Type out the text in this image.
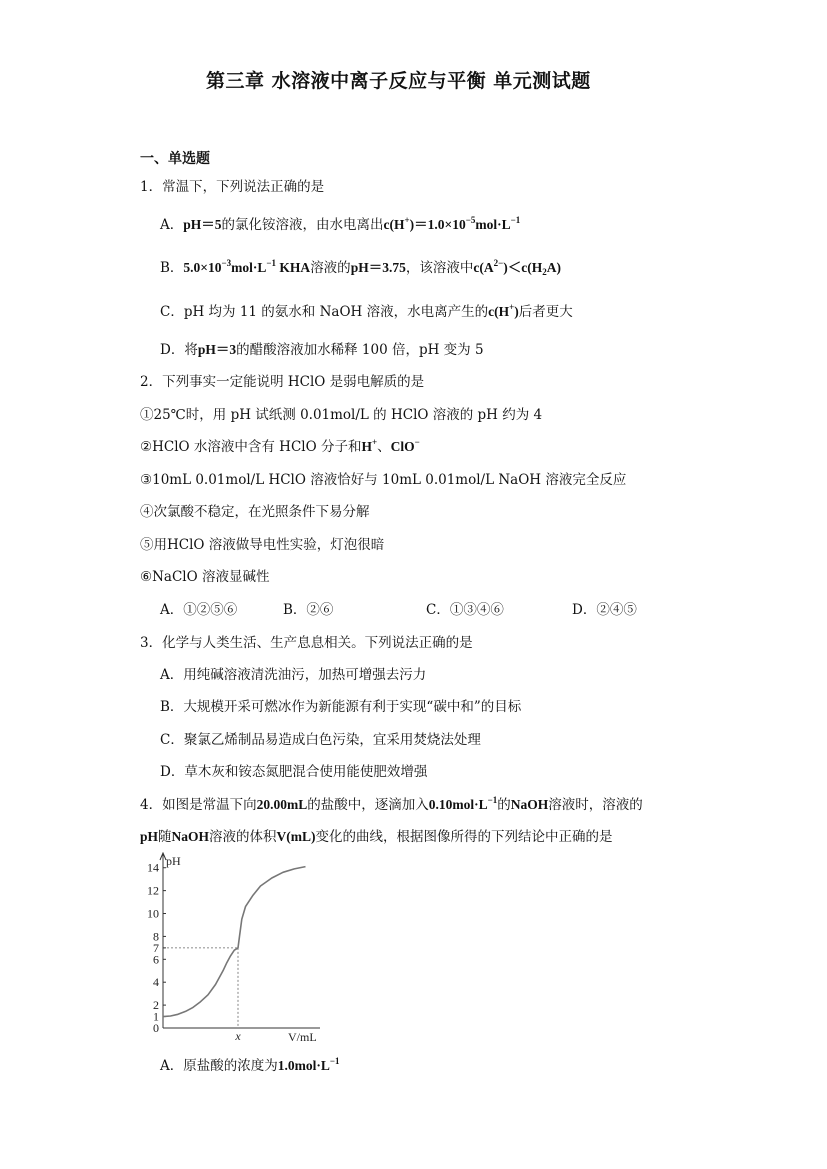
第三章 水溶液中离子反应与平衡 单元测试题
一、单选题
1．常温下，下列说法正确的是
A．pH＝5的氯化铵溶液，由水电离出$c(H^+)=1.0\times 10^{-5}mol\cdot L^{-1}$
B．$5.0\times 10^{-3}mol\cdot L^{-1}$ KHA溶液的pH＝3.75，该溶液中$c(A^{2-})<c(H_2A)$
C．pH 均为 11 的氨水和 NaOH 溶液，水电离产生的c(H+)后者更大
D．将pH＝3的醋酸溶液加水稀释 100 倍，pH 变为 5
2．下列事实一定能说明 HClO 是弱电解质的是
①25℃时，用 pH 试纸测 0.01mol/L 的 HClO 溶液的 pH 约为 4
②HClO 水溶液中含有 HClO 分子和H+、ClO−
③10mL 0.01mol/L HClO 溶液恰好与 10mL 0.01mol/L NaOH 溶液完全反应
④次氯酸不稳定，在光照条件下易分解
⑤用HClO 溶液做导电性实验，灯泡很暗
⑥NaClO 溶液显碱性
A．①②⑤⑥	B．②⑥	C．①③④⑥	D．②④⑤
3．化学与人类生活、生产息息相关。下列说法正确的是
A．用纯碱溶液清洗油污，加热可增强去污力
B．大规模开采可燃冰作为新能源有利于实现“碳中和”的目标
C．聚氯乙烯制品易造成白色污染，宜采用焚烧法处理
D．草木灰和铵态氮肥混合使用能使肥效增强
4．如图是常温下向20.00mL的盐酸中，逐滴加入$0.10mol\cdot L^{-1}$的NaOH溶液时，溶液的
pH随NaOH溶液的体积V(mL)变化的曲线，根据图像所得的下列结论中正确的是
pH
V/mL
0
1
2
4
6
7
8
10
12
14
x
A．原盐酸的浓度为$1.0mol\cdot L^{-1}$
